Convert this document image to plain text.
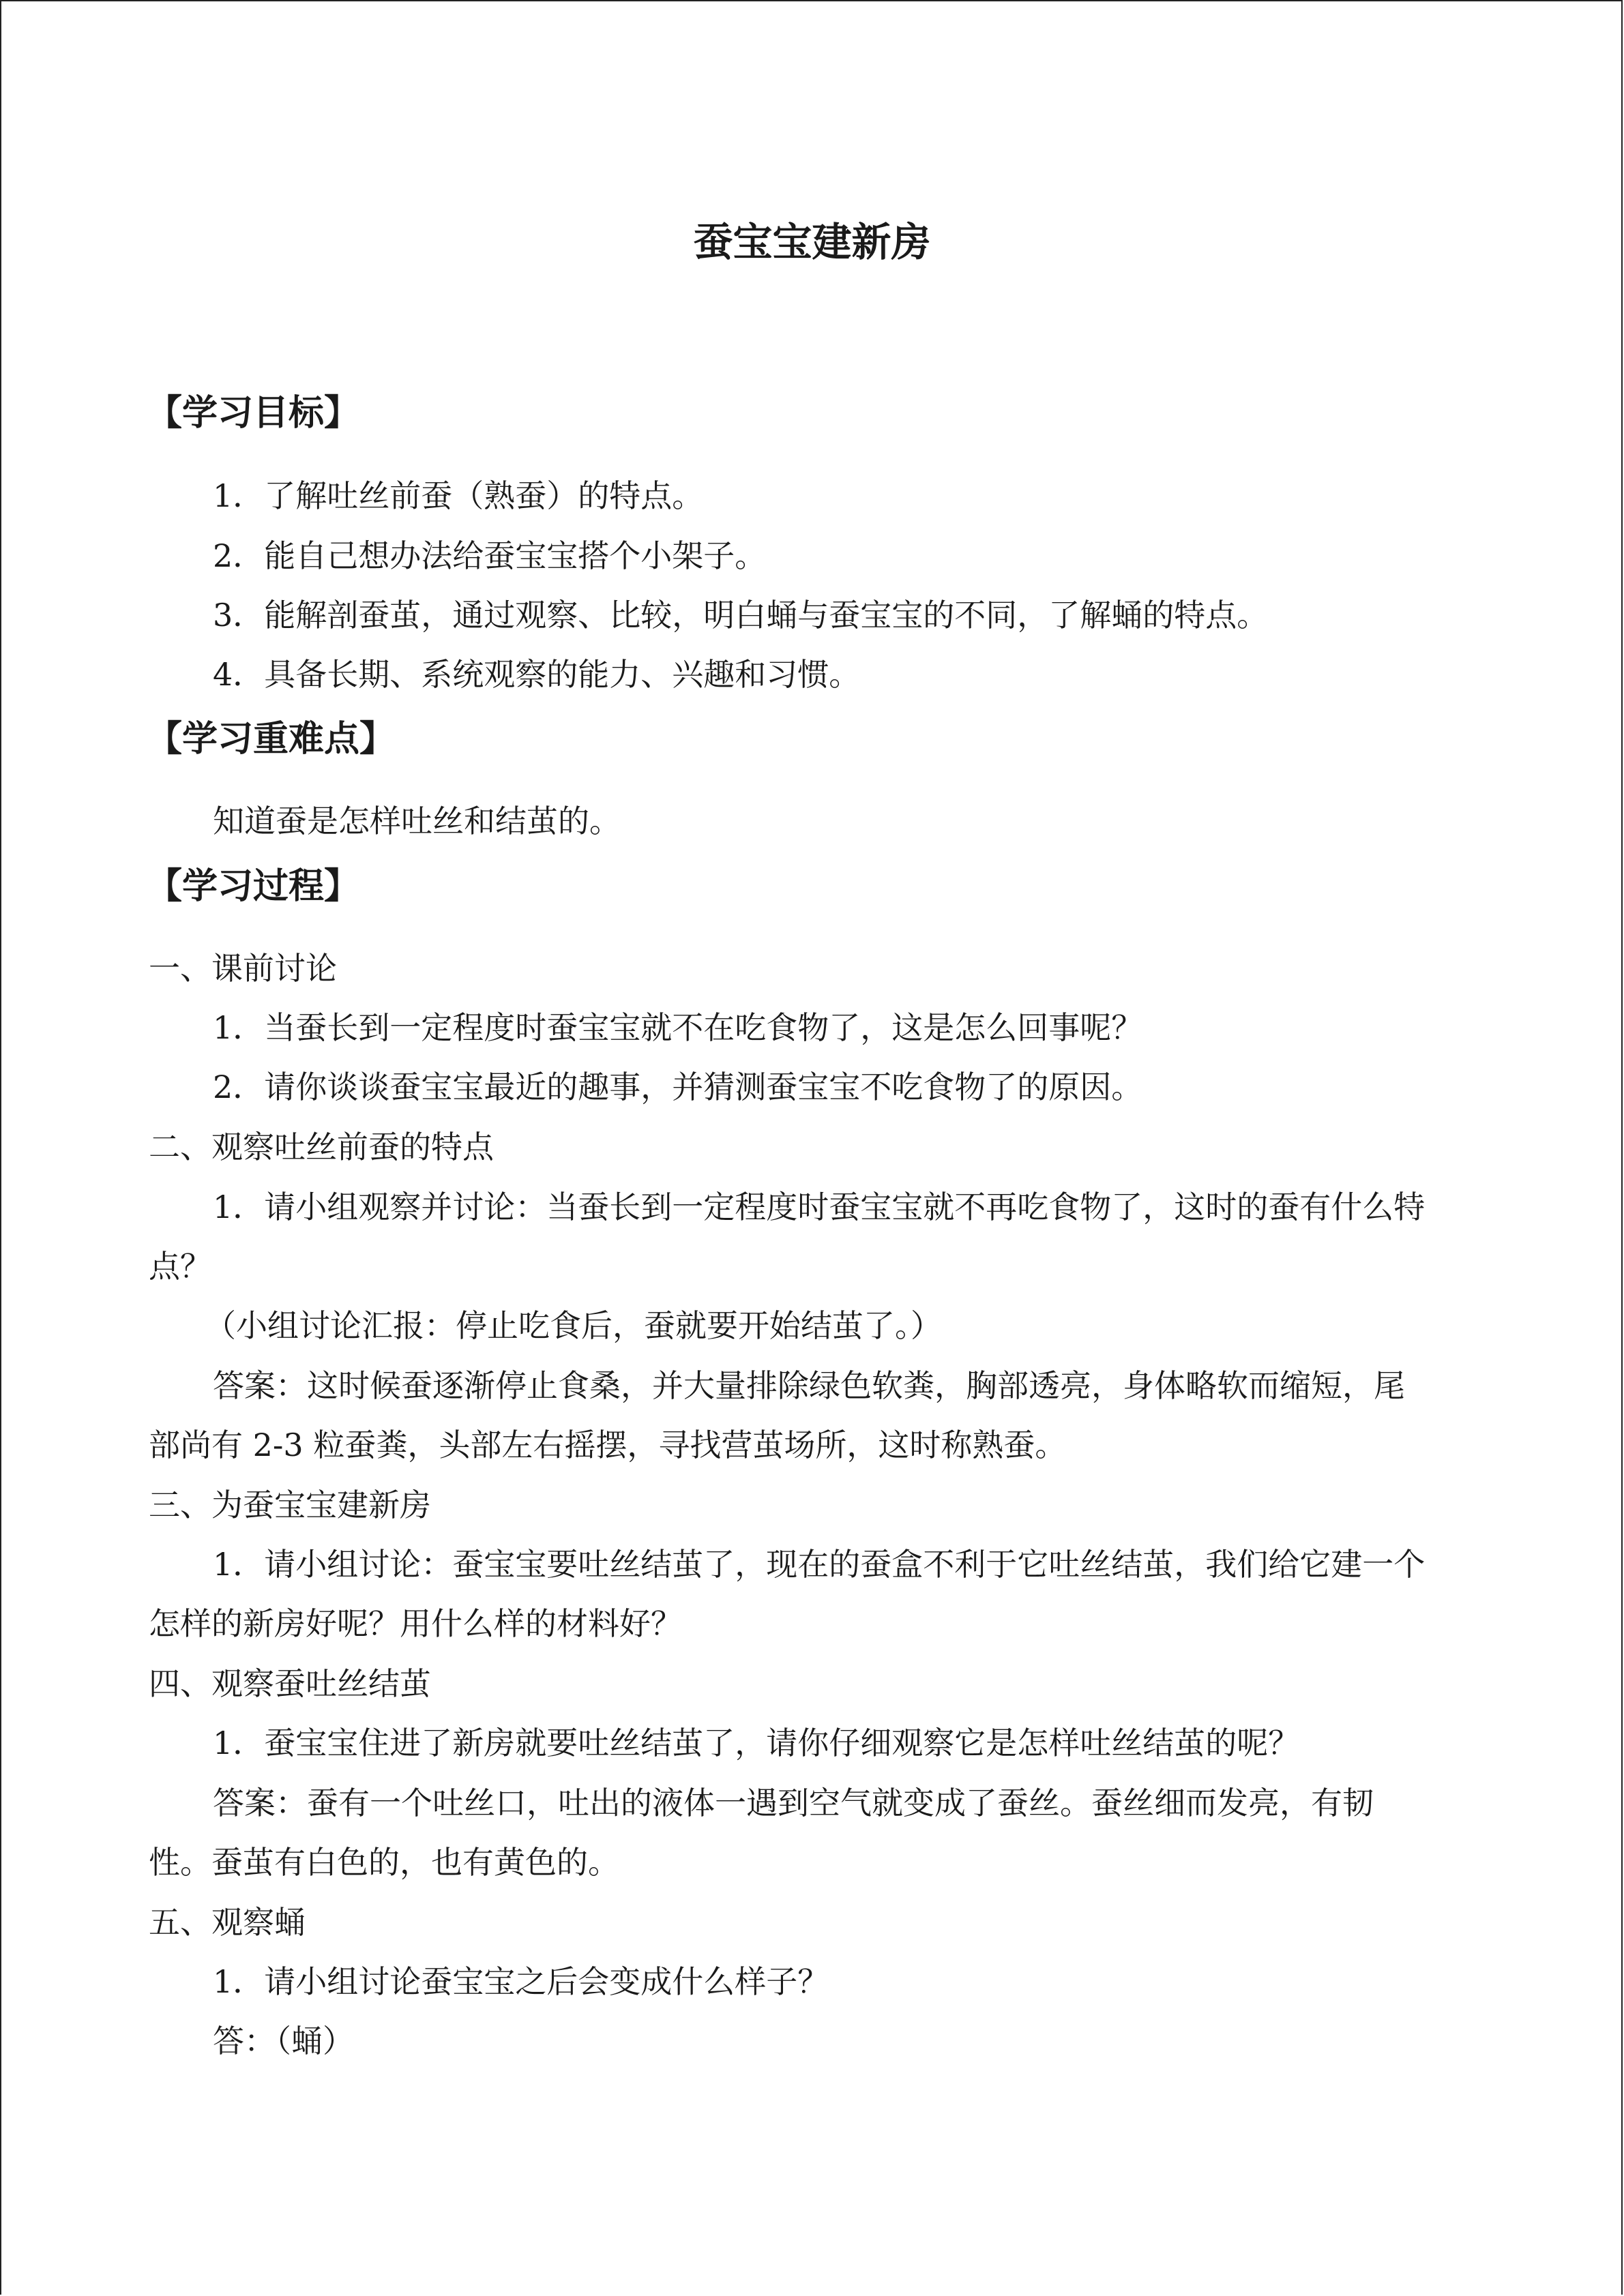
蚕宝宝建新房
【学习目标】
1．了解吐丝前蚕（熟蚕）的特点。
2．能自己想办法给蚕宝宝搭个小架子。
3．能解剖蚕茧，通过观察、比较，明白蛹与蚕宝宝的不同，了解蛹的特点。
4．具备长期、系统观察的能力、兴趣和习惯。
【学习重难点】
知道蚕是怎样吐丝和结茧的。
【学习过程】
一、课前讨论
1．当蚕长到一定程度时蚕宝宝就不在吃食物了，这是怎么回事呢？
2．请你谈谈蚕宝宝最近的趣事，并猜测蚕宝宝不吃食物了的原因。
二、观察吐丝前蚕的特点
1．请小组观察并讨论：当蚕长到一定程度时蚕宝宝就不再吃食物了，这时的蚕有什么特
点？
（小组讨论汇报：停止吃食后，蚕就要开始结茧了。）
答案：这时候蚕逐渐停止食桑，并大量排除绿色软粪，胸部透亮，身体略软而缩短，尾
部尚有 2-3 粒蚕粪，头部左右摇摆，寻找营茧场所，这时称熟蚕。
三、为蚕宝宝建新房
1．请小组讨论：蚕宝宝要吐丝结茧了，现在的蚕盒不利于它吐丝结茧，我们给它建一个
怎样的新房好呢？用什么样的材料好？
四、观察蚕吐丝结茧
1．蚕宝宝住进了新房就要吐丝结茧了，请你仔细观察它是怎样吐丝结茧的呢？
答案：蚕有一个吐丝口，吐出的液体一遇到空气就变成了蚕丝。蚕丝细而发亮，有韧
性。蚕茧有白色的，也有黄色的。
五、观察蛹
1．请小组讨论蚕宝宝之后会变成什么样子？
答：（蛹）
